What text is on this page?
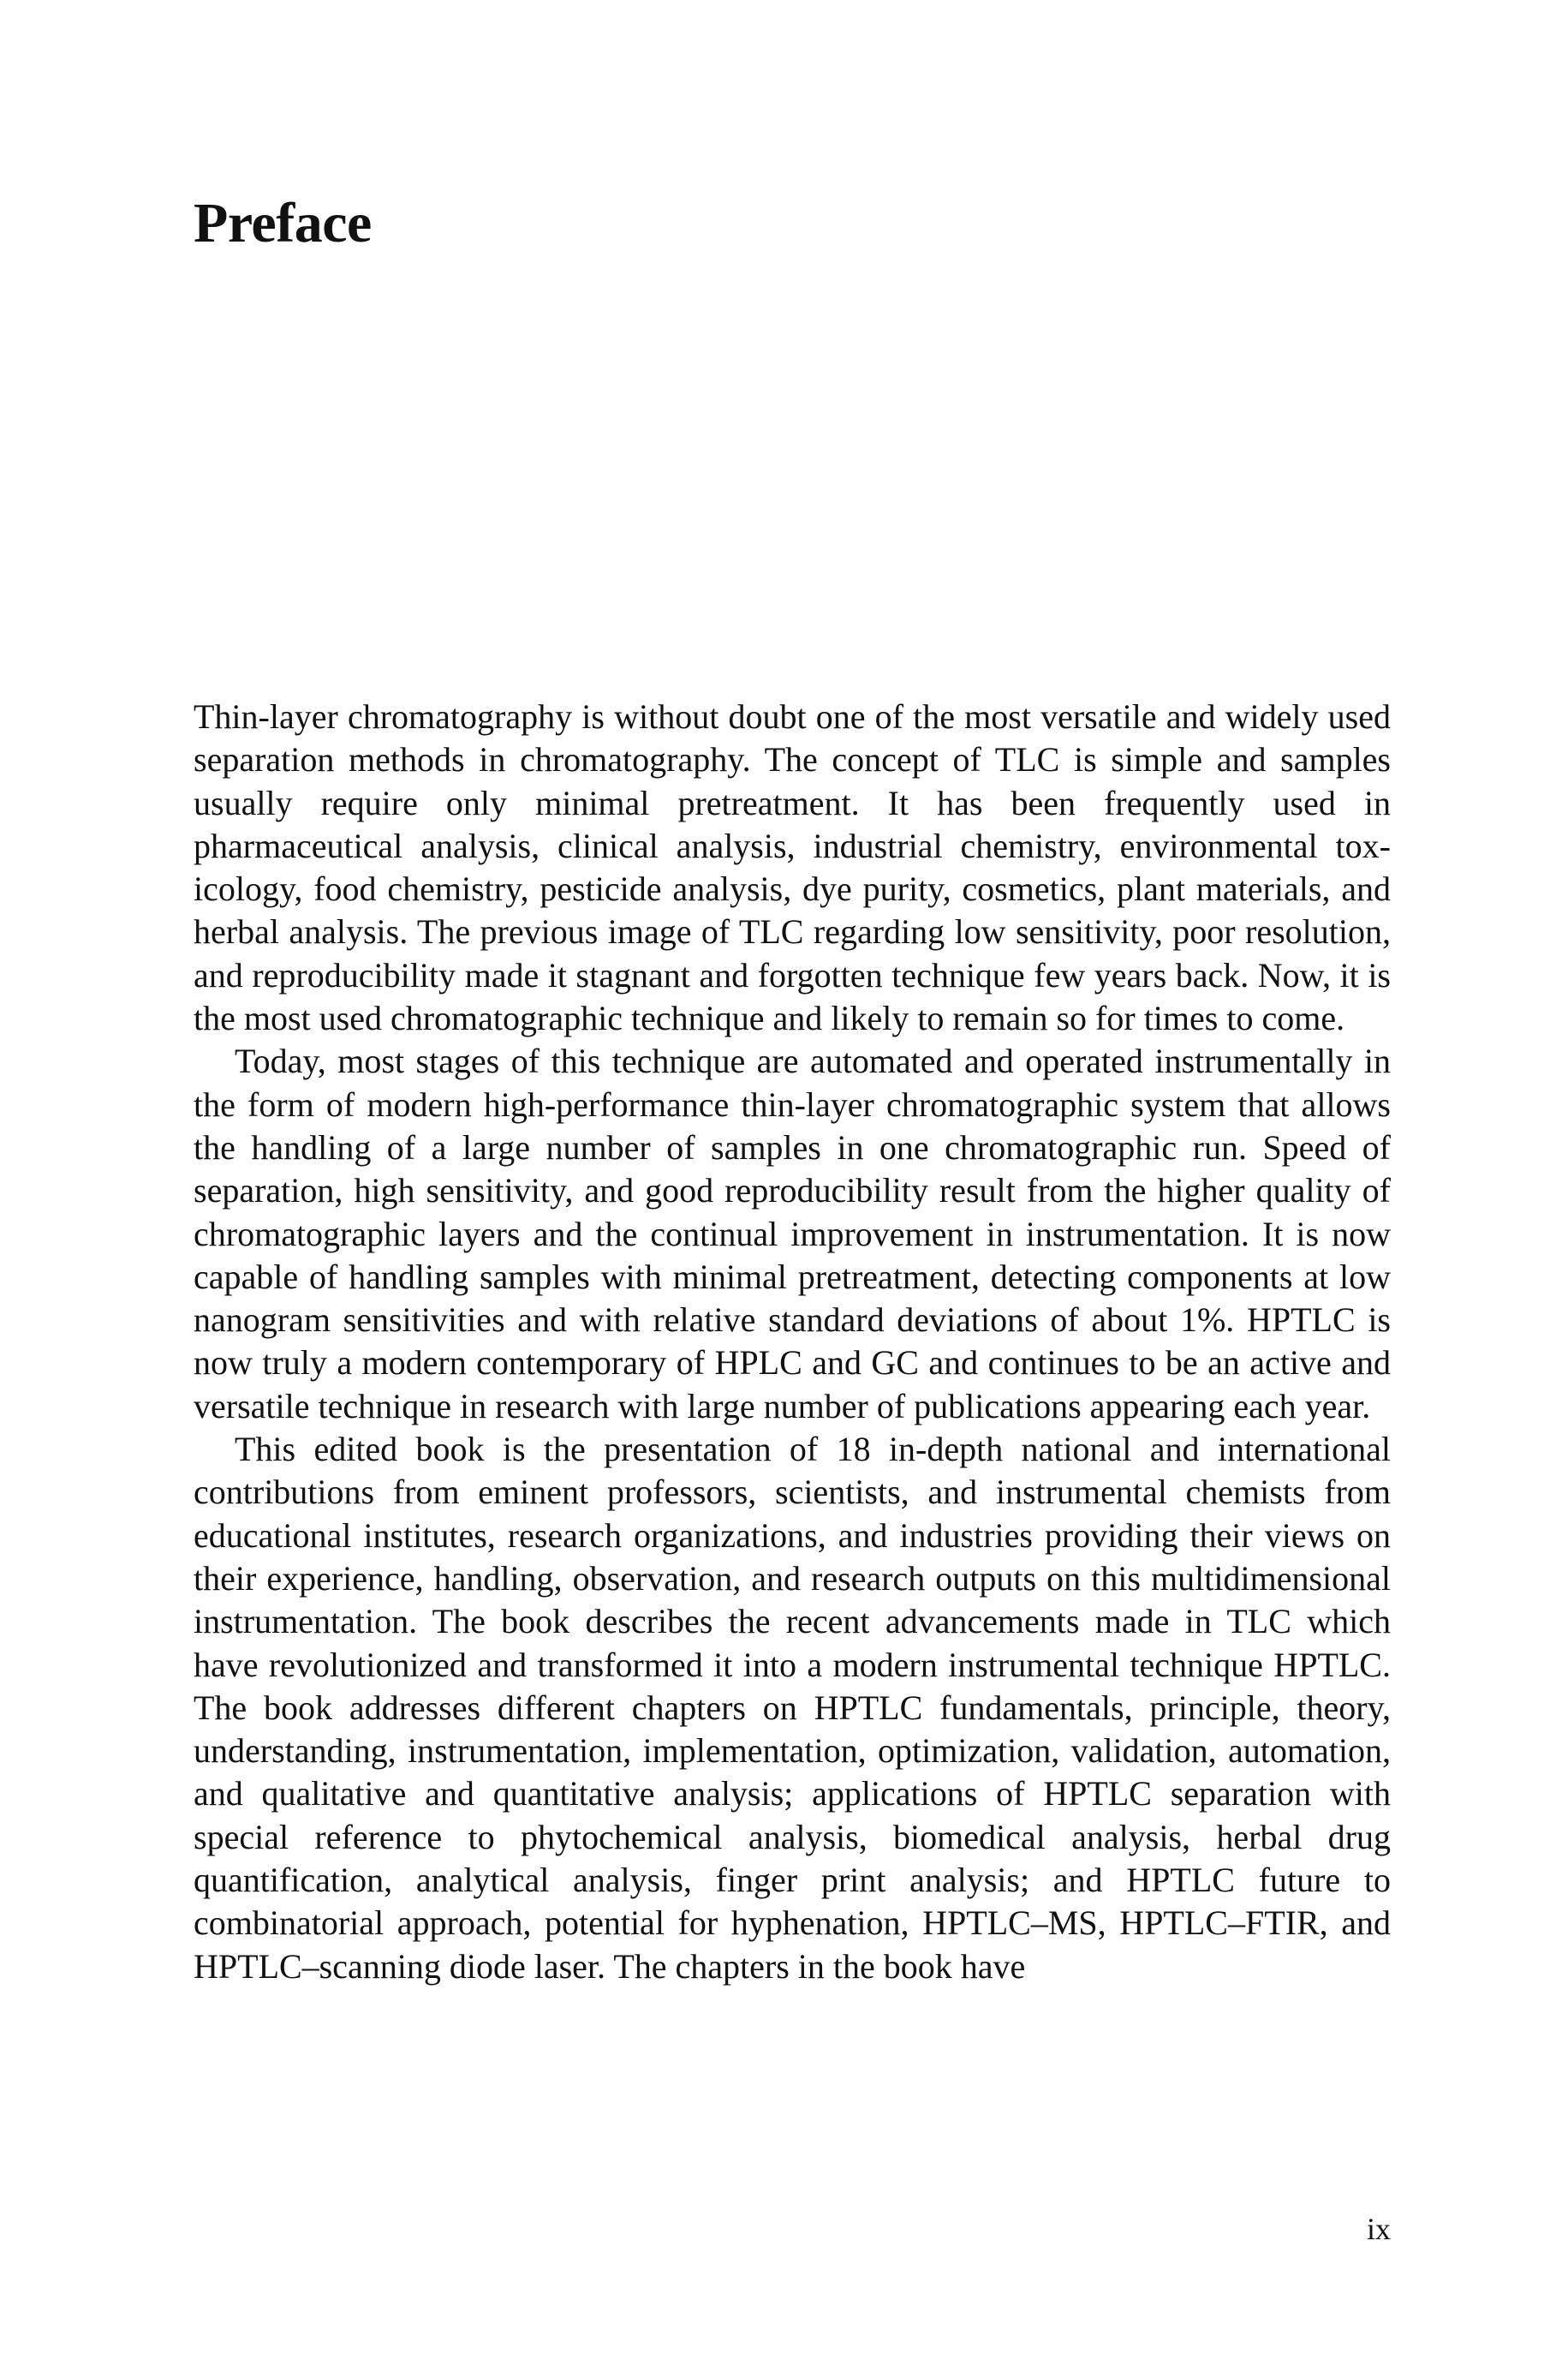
Preface

Thin-layer chromatography is without doubt one of the most versatile and widely used separation methods in chromatography. The concept of TLC is simple and samples usually require only minimal pretreatment. It has been frequently used in pharmaceutical analysis, clinical analysis, industrial chemistry, environmental toxicology, food chemistry, pesticide analysis, dye purity, cosmetics, plant materials, and herbal analysis. The previous image of TLC regarding low sensitivity, poor resolution, and reproducibility made it stagnant and forgotten technique few years back. Now, it is the most used chromatographic technique and likely to remain so for times to come.

Today, most stages of this technique are automated and operated instrumentally in the form of modern high-performance thin-layer chromatographic system that allows the handling of a large number of samples in one chromatographic run. Speed of separation, high sensitivity, and good reproducibility result from the higher quality of chromatographic layers and the continual improvement in instrumentation. It is now capable of handling samples with minimal pretreatment, detecting components at low nanogram sensitivities and with relative standard deviations of about 1%. HPTLC is now truly a modern contemporary of HPLC and GC and continues to be an active and versatile technique in research with large number of publications appearing each year.

This edited book is the presentation of 18 in-depth national and international contributions from eminent professors, scientists, and instrumental chemists from educational institutes, research organizations, and industries providing their views on their experience, handling, observation, and research outputs on this multidimensional instrumentation. The book describes the recent advancements made in TLC which have revolutionized and transformed it into a modern instrumental technique HPTLC. The book addresses different chapters on HPTLC fundamentals, principle, theory, understanding, instrumentation, implementation, optimization, validation, automation, and qualitative and quantitative analysis; applications of HPTLC separation with special reference to phytochemical analysis, biomedical analysis, herbal drug quantification, analytical analysis, finger print analysis; and HPTLC future to combinatorial approach, potential for hyphenation, HPTLC–MS, HPTLC–FTIR, and HPTLC–scanning diode laser. The chapters in the book have

ix
